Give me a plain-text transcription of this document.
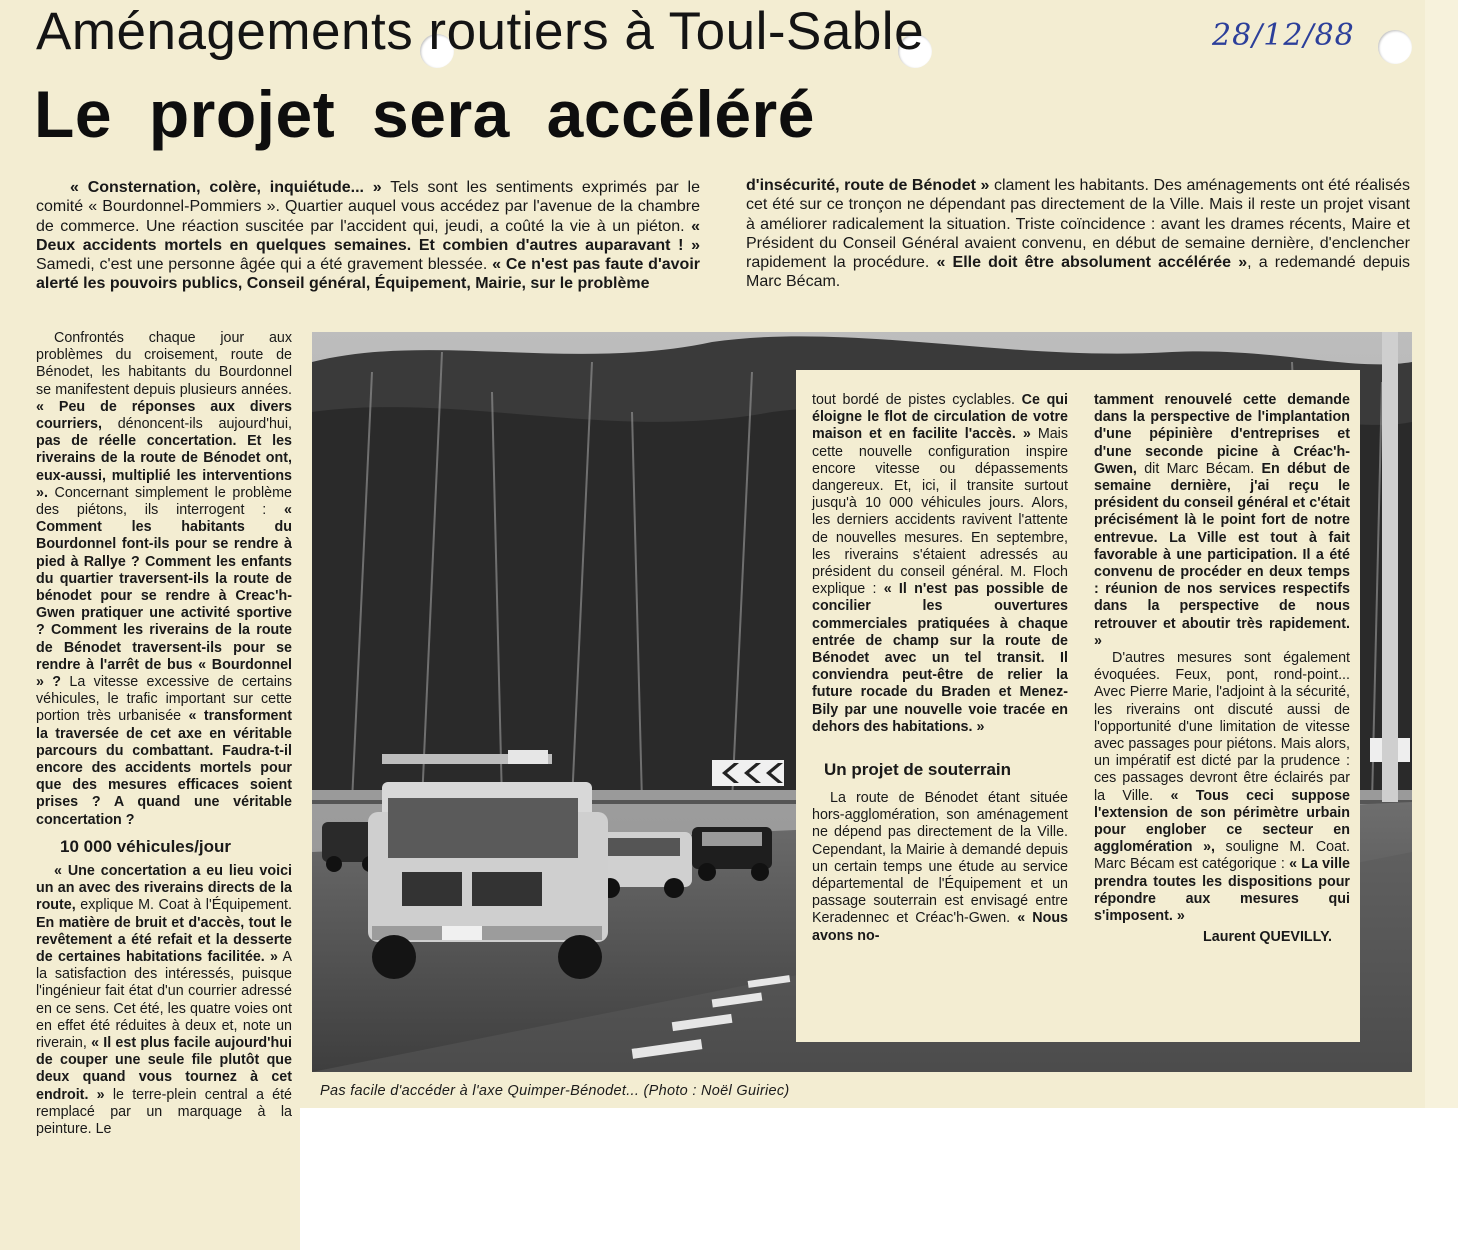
28/12/88
Aménagements routiers à Toul-Sable
Le projet sera accéléré
« Consternation, colère, inquiétude... » Tels sont les sentiments exprimés par le comité « Bourdonnel-Pommiers ». Quartier auquel vous accédez par l'avenue de la chambre de commerce. Une réaction suscitée par l'accident qui, jeudi, a coûté la vie à un piéton. « Deux accidents mortels en quelques semaines. Et combien d'autres auparavant ! » Samedi, c'est une personne âgée qui a été gravement blessée. « Ce n'est pas faute d'avoir alerté les pouvoirs publics, Conseil général, Équipement, Mairie, sur le problème
d'insécurité, route de Bénodet » clament les habitants. Des aménagements ont été réalisés cet été sur ce tronçon ne dépendant pas directement de la Ville. Mais il reste un projet visant à améliorer radicalement la situation. Triste coïncidence : avant les drames récents, Maire et Président du Conseil Général avaient convenu, en début de semaine dernière, d'enclencher rapidement la procédure. « Elle doit être absolument accélérée », a redemandé depuis Marc Bécam.

Confrontés chaque jour aux problèmes du croisement, route de Bénodet, les habitants du Bourdonnel se manifestent depuis plusieurs années. « Peu de réponses aux divers courriers, dénoncent-ils aujourd'hui, pas de réelle concertation. Et les riverains de la route de Bénodet ont, eux-aussi, multiplié les interventions ». Concernant simplement le problème des piétons, ils interrogent : « Comment les habitants du Bourdonnel font-ils pour se rendre à pied à Rallye ? Comment les enfants du quartier traversent-ils la route de bénodet pour se rendre à Creac'h-Gwen pratiquer une activité sportive ? Comment les riverains de la route de Bénodet traversent-ils pour se rendre à l'arrêt de bus « Bourdonnel » ? La vitesse excessive de certains véhicules, le trafic important sur cette portion très urbanisée « transforment la traversée de cet axe en véritable parcours du combattant. Faudra-t-il encore des accidents mortels pour que des mesures efficaces soient prises ? A quand une véritable concertation ?

10 000 véhicules/jour

« Une concertation a eu lieu voici un an avec des riverains directs de la route, explique M. Coat à l'Équipement. En matière de bruit et d'accès, tout le revêtement a été refait et la desserte de certaines habitations facilitée. » A la satisfaction des intéressés, puisque l'ingénieur fait état d'un courrier adressé en ce sens. Cet été, les quatre voies ont en effet été réduites à deux et, note un riverain, « Il est plus facile aujourd'hui de couper une seule file plutôt que deux quand vous tournez à cet endroit. » le terre-plein central a été remplacé par un marquage à la peinture. Le

Pas facile d'accéder à l'axe Quimper-Bénodet... (Photo : Noël Guiriec)

tout bordé de pistes cyclables. Ce qui éloigne le flot de circulation de votre maison et en facilite l'accès. » Mais cette nouvelle configuration inspire encore vitesse ou dépassements dangereux. Et, ici, il transite surtout jusqu'à 10 000 véhicules jours. Alors, les derniers accidents ravivent l'attente de nouvelles mesures. En septembre, les riverains s'étaient adressés au président du conseil général. M. Floch explique : « Il n'est pas possible de concilier les ouvertures commerciales pratiquées à chaque entrée de champ sur la route de Bénodet avec un tel transit. Il conviendra peut-être de relier la future rocade du Braden et Menez-Bily par une nouvelle voie tracée en dehors des habitations. »

Un projet de souterrain

La route de Bénodet étant située hors-agglomération, son aménagement ne dépend pas directement de la Ville. Cependant, la Mairie à demandé depuis un certain temps une étude au service départemental de l'Équipement et un passage souterrain est envisagé entre Keradennec et Créac'h-Gwen. « Nous avons no-

tamment renouvelé cette demande dans la perspective de l'implantation d'une pépinière d'entreprises et d'une seconde picine à Créac'h-Gwen, dit Marc Bécam. En début de semaine dernière, j'ai reçu le président du conseil général et c'était précisément là le point fort de notre entrevue. La Ville est tout à fait favorable à une participation. Il a été convenu de procéder en deux temps : réunion de nos services respectifs dans la perspective de nous retrouver et aboutir très rapidement. »

D'autres mesures sont également évoquées. Feux, pont, rond-point... Avec Pierre Marie, l'adjoint à la sécurité, les riverains ont discuté aussi de l'opportunité d'une limitation de vitesse avec passages pour piétons. Mais alors, un impératif est dicté par la prudence : ces passages devront être éclairés par la Ville. « Tous ceci suppose l'extension de son périmètre urbain pour englober ce secteur en agglomération », souligne M. Coat. Marc Bécam est catégorique : « La ville prendra toutes les dispositions pour répondre aux mesures qui s'imposent. »

Laurent QUEVILLY.
